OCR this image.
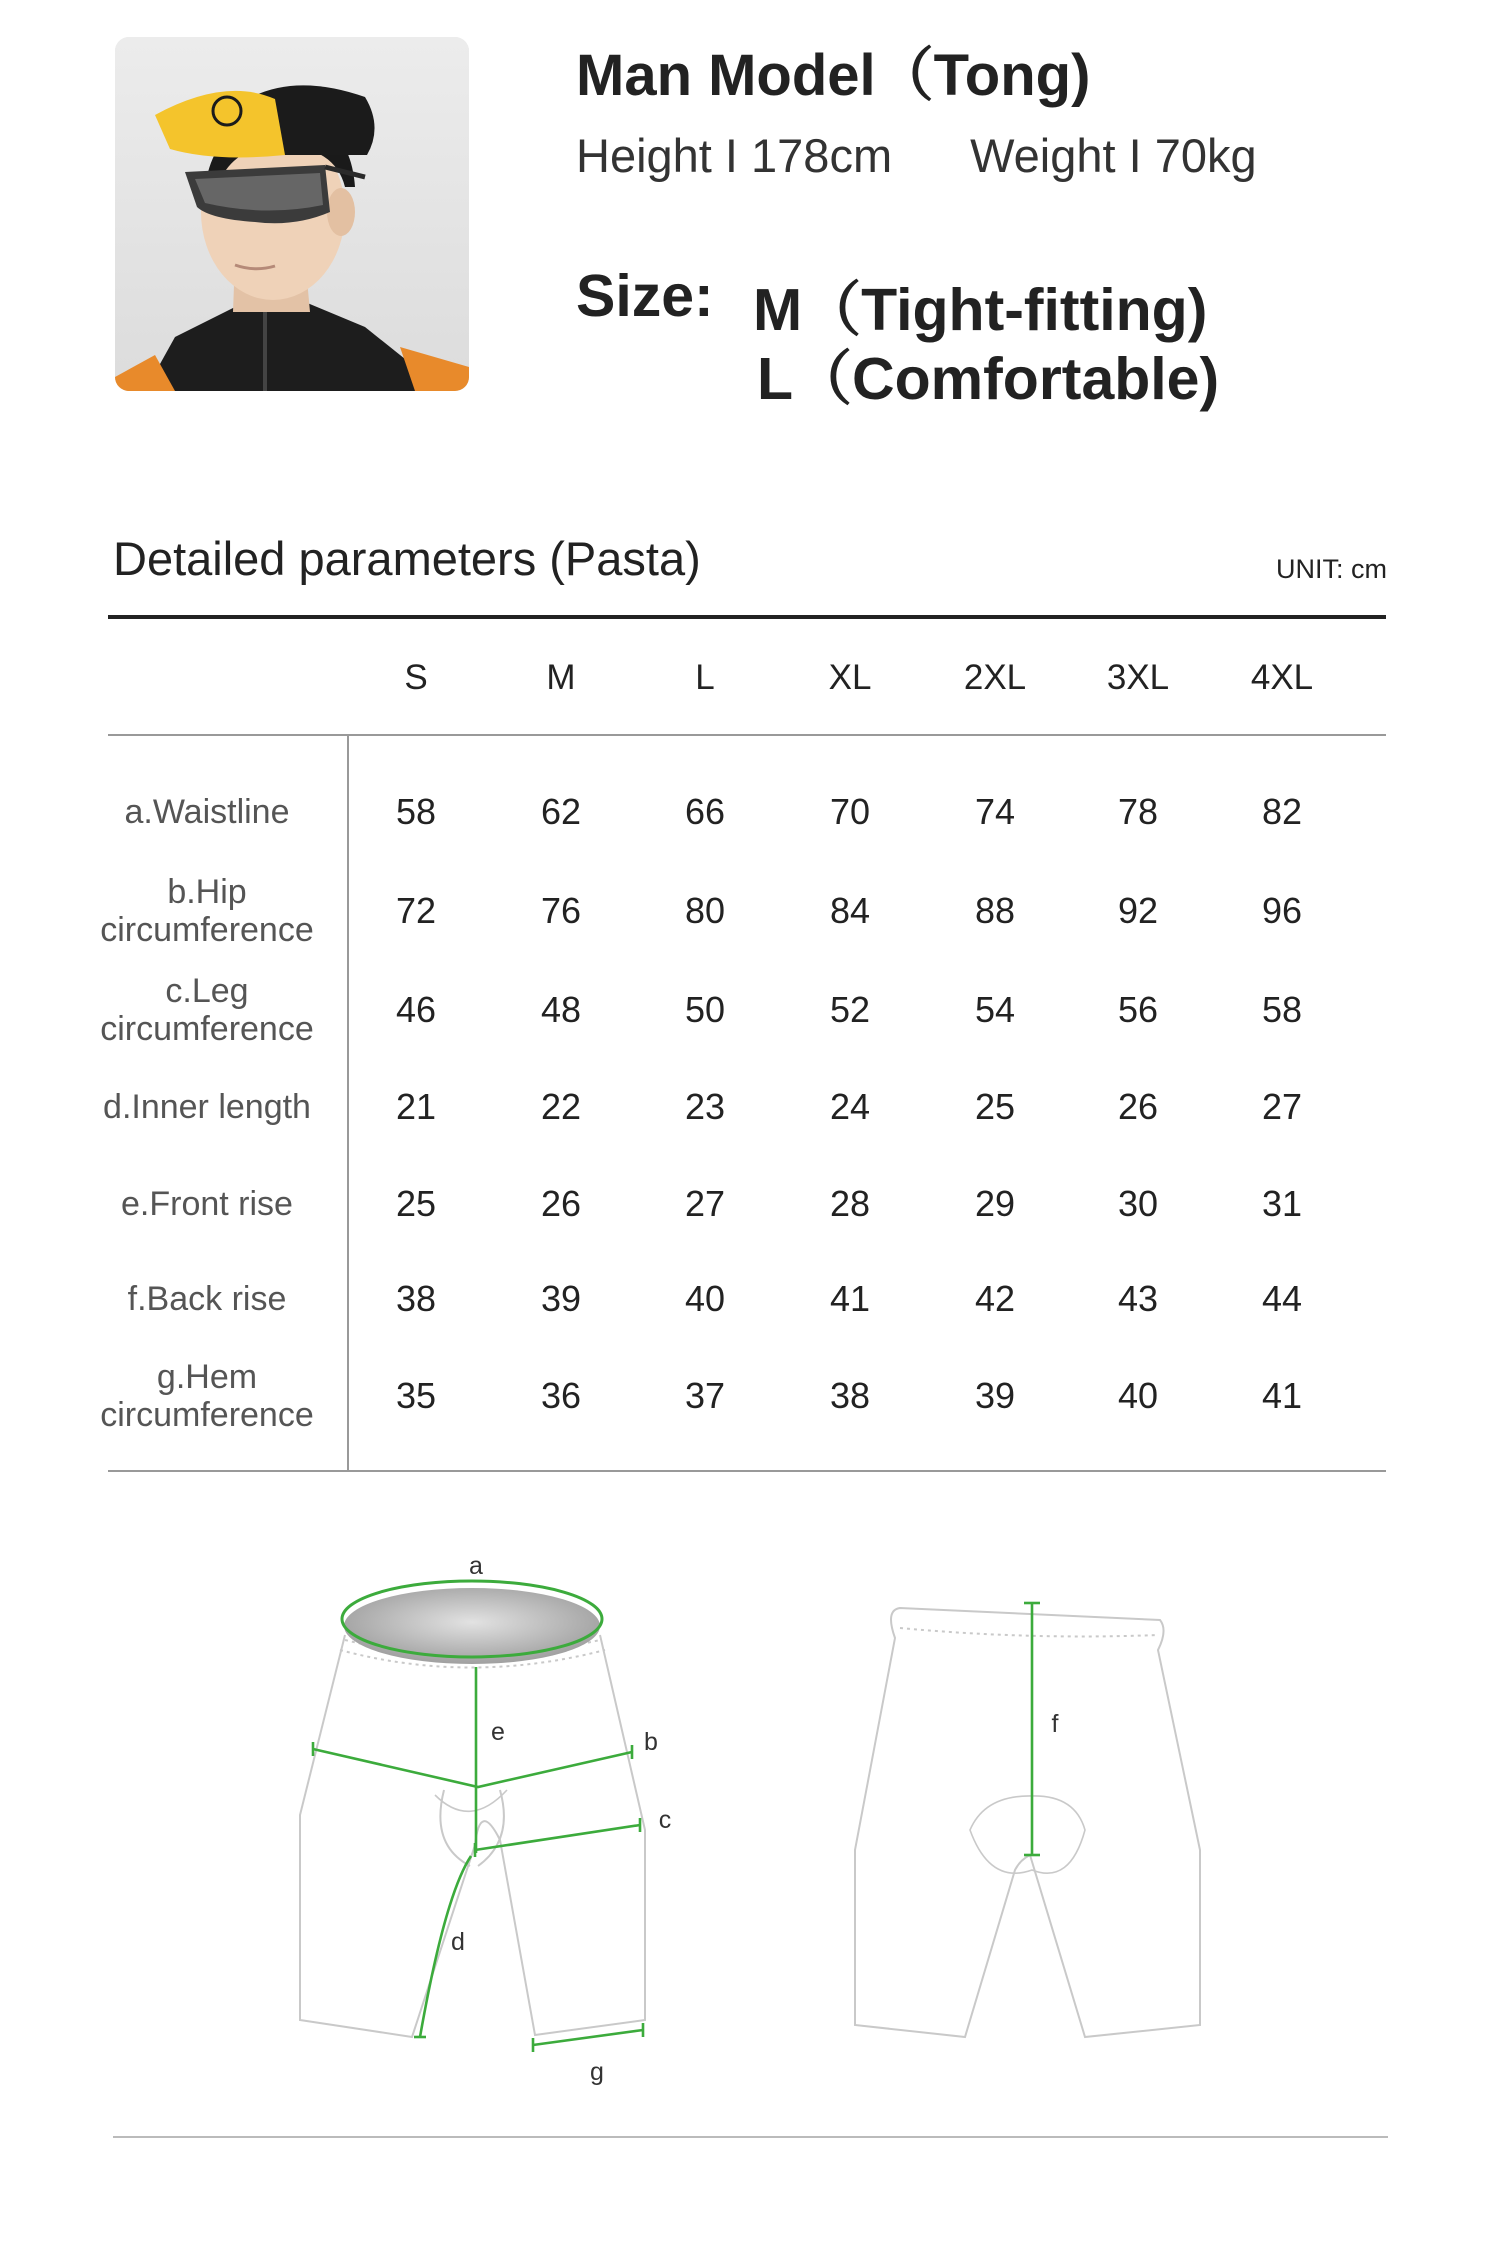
Man Model（Tong)
Height I 178cm Weight I 70kg
Size: M（Tight-fitting)
L（Comfortable)
Detailed parameters (Pasta)	UNIT: cm
S	M	L	XL	2XL	3XL	4XL
a.Waistline	58	62	66	70	74	78	82
b.Hip
circumference	72	76	80	84	88	92	96
c.Leg
circumference	46	48	50	52	54	56	58
d.Inner length	21	22	23	24	25	26	27
e.Front rise	25	26	27	28	29	30	31
f.Back rise	38	39	40	41	42	43	44
g.Hem
circumference	35	36	37	38	39	40	41
a
e	b
c
d
g
f
